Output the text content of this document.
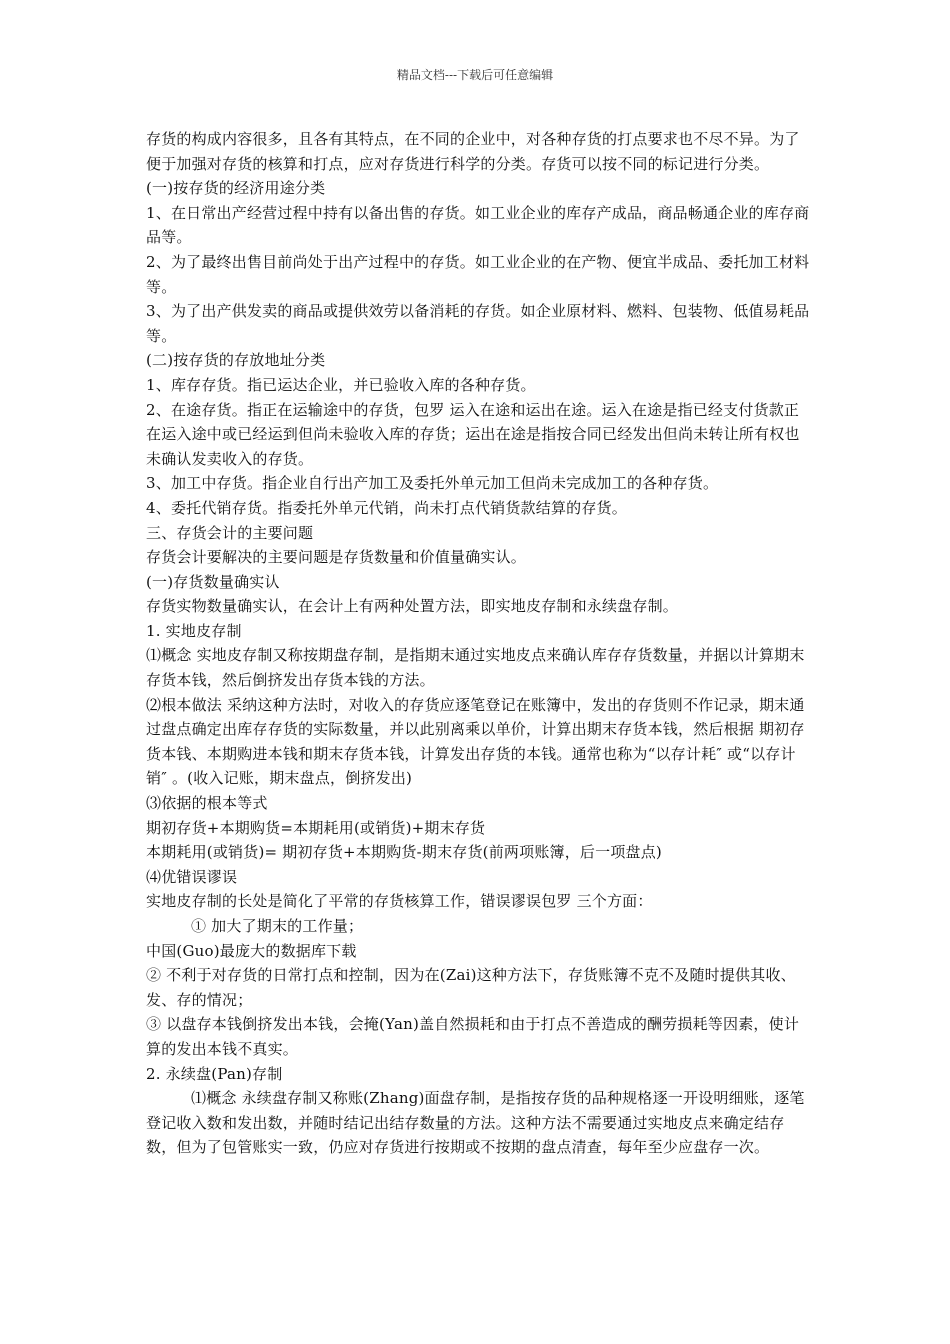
精品文档---下载后可任意编辑

存货的构成内容很多，且各有其特点，在不同的企业中，对各种存货的打点要求也不尽不异。为了便于加强对存货的核算和打点，应对存货进行科学的分类。存货可以按不同的标记进行分类。

(一)按存货的经济用途分类

1、在日常出产经营过程中持有以备出售的存货。如工业企业的库存产成品，商品畅通企业的库存商品等。

2、为了最终出售目前尚处于出产过程中的存货。如工业企业的在产物、便宜半成品、委托加工材料等。

3、为了出产供发卖的商品或提供效劳以备消耗的存货。如企业原材料、燃料、包装物、低值易耗品等。

(二)按存货的存放地址分类

1、库存存货。指已运达企业，并已验收入库的各种存货。

2、在途存货。指正在运输途中的存货，包罗 运入在途和运出在途。运入在途是指已经支付货款正在运入途中或已经运到但尚未验收入库的存货；运出在途是指按合同已经发出但尚未转让所有权也未确认发卖收入的存货。

3、加工中存货。指企业自行出产加工及委托外单元加工但尚未完成加工的各种存货。

4、委托代销存货。指委托外单元代销，尚未打点代销货款结算的存货。

三、存货会计的主要问题

存货会计要解决的主要问题是存货数量和价值量确实认。

(一)存货数量确实认

存货实物数量确实认，在会计上有两种处置方法，即实地皮存制和永续盘存制。

1. 实地皮存制

⑴概念 实地皮存制又称按期盘存制，是指期末通过实地皮点来确认库存存货数量，并据以计算期末存货本钱，然后倒挤发出存货本钱的方法。

⑵根本做法 采纳这种方法时，对收入的存货应逐笔登记在账簿中，发出的存货则不作记录，期末通过盘点确定出库存存货的实际数量，并以此别离乘以单价，计算出期末存货本钱，然后根据 期初存货本钱、本期购进本钱和期末存货本钱，计算发出存货的本钱。通常也称为“以存计耗″ 或“以存计销″ 。(收入记账，期末盘点，倒挤发出)

⑶依据的根本等式

期初存货+本期购货=本期耗用(或销货)+期末存货

本期耗用(或销货)= 期初存货+本期购货-期末存货(前两项账簿，后一项盘点)

⑷优错误谬误

实地皮存制的长处是简化了平常的存货核算工作，错误谬误包罗 三个方面：

① 加大了期末的工作量；

中国(Guo)最庞大的数据库下载

② 不利于对存货的日常打点和控制，因为在(Zai)这种方法下，存货账簿不克不及随时提供其收、发、存的情况；

③ 以盘存本钱倒挤发出本钱，会掩(Yan)盖自然损耗和由于打点不善造成的酬劳损耗等因素，使计算的发出本钱不真实。

2. 永续盘(Pan)存制

⑴概念 永续盘存制又称账(Zhang)面盘存制，是指按存货的品种规格逐一开设明细账，逐笔登记收入数和发出数，并随时结记出结存数量的方法。这种方法不需要通过实地皮点来确定结存数，但为了包管账实一致，仍应对存货进行按期或不按期的盘点清查，每年至少应盘存一次。
